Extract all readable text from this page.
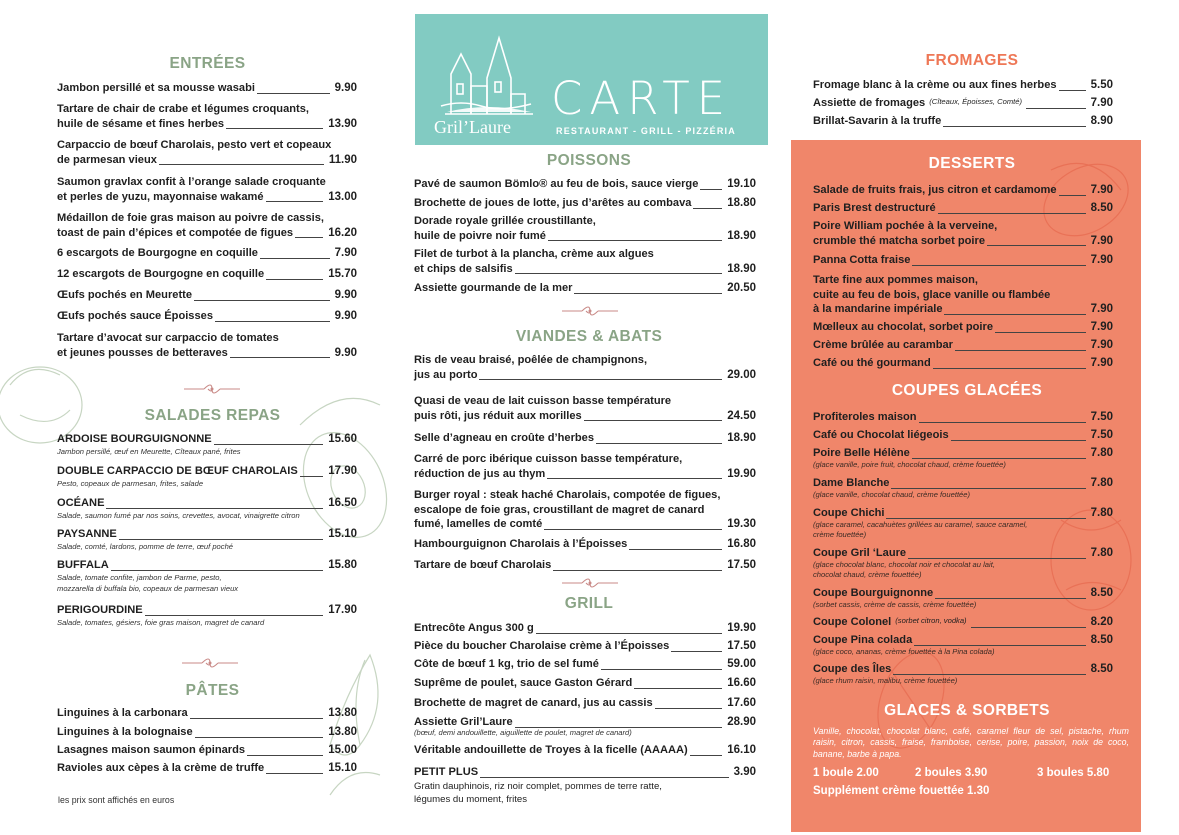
ENTRÉES
Jambon persillé et sa mousse wasabi	9.90
Tartare de chair de crabe et légumes croquants,
huile de sésame et fines herbes	13.90
Carpaccio de bœuf Charolais, pesto vert et copeaux
de parmesan vieux	11.90
Saumon gravlax confit à l’orange salade croquante
et perles de yuzu, mayonnaise wakamé	13.00
Médaillon de foie gras maison au poivre de cassis,
toast de pain d’épices et compotée de figues	16.20
6 escargots de Bourgogne en coquille	7.90
12 escargots de Bourgogne en coquille	15.70
Œufs pochés en Meurette	9.90
Œufs pochés sauce Époisses	9.90
Tartare d’avocat sur carpaccio de tomates
et jeunes pousses de betteraves	9.90
SALADES REPAS
ARDOISE BOURGUIGNONNE	15.60
Jambon persillé, œuf en Meurette, Cîteaux pané, frites
DOUBLE CARPACCIO DE BŒUF CHAROLAIS	17.90
Pesto, copeaux de parmesan, frites, salade
OCÉANE	16.50
Salade, saumon fumé par nos soins, crevettes, avocat, vinaigrette citron
PAYSANNE	15.10
Salade, comté, lardons, pomme de terre, œuf poché
BUFFALA	15.80
Salade, tomate confite, jambon de Parme, pesto,
mozzarella di buffala bio, copeaux de parmesan vieux
PERIGOURDINE	17.90
Salade, tomates, gésiers, foie gras maison, magret de canard
PÂTES
Linguines à la carbonara	13.80
Linguines à la bolognaise	13.80
Lasagnes maison saumon épinards	15.00
Ravioles aux cèpes à la crème de truffe	15.10
les prix sont affichés en euros
Gril’Laure
CARTE
RESTAURANT - GRILL - PIZZÉRIA
POISSONS
Pavé de saumon Bömlo® au feu de bois, sauce vierge	19.10
Brochette de joues de lotte, jus d’arêtes au combava	18.80
Dorade royale grillée croustillante,
huile de poivre noir fumé	18.90
Filet de turbot à la plancha, crème aux algues
et chips de salsifis	18.90
Assiette gourmande de la mer	20.50
VIANDES & ABATS
Ris de veau braisé, poêlée de champignons,
jus au porto	29.00
Quasi de veau de lait cuisson basse température
puis rôti, jus réduit aux morilles	24.50
Selle d’agneau en croûte d’herbes	18.90
Carré de porc ibérique cuisson basse température,
réduction de jus au thym	19.90
Burger royal : steak haché Charolais, compotée de figues,
escalope de foie gras, croustillant de magret de canard
fumé, lamelles de comté	19.30
Hambourguignon Charolais à l’Époisses	16.80
Tartare de bœuf Charolais	17.50
GRILL
Entrecôte Angus 300 g	19.90
Pièce du boucher Charolaise crème à l’Époisses	17.50
Côte de bœuf 1 kg, trio de sel fumé	59.00
Suprême de poulet, sauce Gaston Gérard	16.60
Brochette de magret de canard, jus au cassis	17.60
Assiette Gril’Laure	28.90
(bœuf, demi andouillette, aiguillette de poulet, magret de canard)
Véritable andouillette de Troyes à la ficelle (AAAAA)	16.10
PETIT PLUS	3.90
Gratin dauphinois, riz noir complet, pommes de terre ratte,
légumes du moment, frites
FROMAGES
Fromage blanc à la crème ou aux fines herbes	5.50
Assiette de fromages	7.90
(Cîteaux, Époisses, Comté)
Brillat-Savarin à la truffe	8.90
DESSERTS
Salade de fruits frais, jus citron et cardamome	7.90
Paris Brest destructuré	8.50
Poire William pochée à la verveine,
crumble thé matcha sorbet poire	7.90
Panna Cotta fraise	7.90
Tarte fine aux pommes maison,
cuite au feu de bois, glace vanille ou flambée
à la mandarine impériale	7.90
Mœlleux au chocolat, sorbet poire	7.90
Crème brûlée au carambar	7.90
Café ou thé gourmand	7.90
COUPES GLACÉES
Profiteroles maison	7.50
Café ou Chocolat liégeois	7.50
Poire Belle Hélène	7.80
(glace vanille, poire fruit, chocolat chaud, crème fouettée)
Dame Blanche	7.80
(glace vanille, chocolat chaud, crème fouettée)
Coupe Chichi	7.80
(glace caramel, cacahuètes grillées au caramel, sauce caramel,
crème fouettée)
Coupe Gril ‘Laure	7.80
(glace chocolat blanc, chocolat noir et chocolat au lait,
chocolat chaud, crème fouettée)
Coupe Bourguignonne	8.50
(sorbet cassis, crème de cassis, crème fouettée)
Coupe Colonel	8.20
(sorbet citron, vodka)
Coupe Pina colada	8.50
(glace coco, ananas, crème fouettée à la Pina colada)
Coupe des Îles	8.50
(glace rhum raisin, malibu, crème fouettée)
GLACES & SORBETS
Vanille, chocolat, chocolat blanc, café, caramel fleur de sel, pistache, rhum raisin, citron, cassis, fraise, framboise, cerise, poire, passion, noix de coco, banane, barbe à papa.
1 boule 2.00	2 boules 3.90	3 boules 5.80
Supplément crème fouettée 1.30
